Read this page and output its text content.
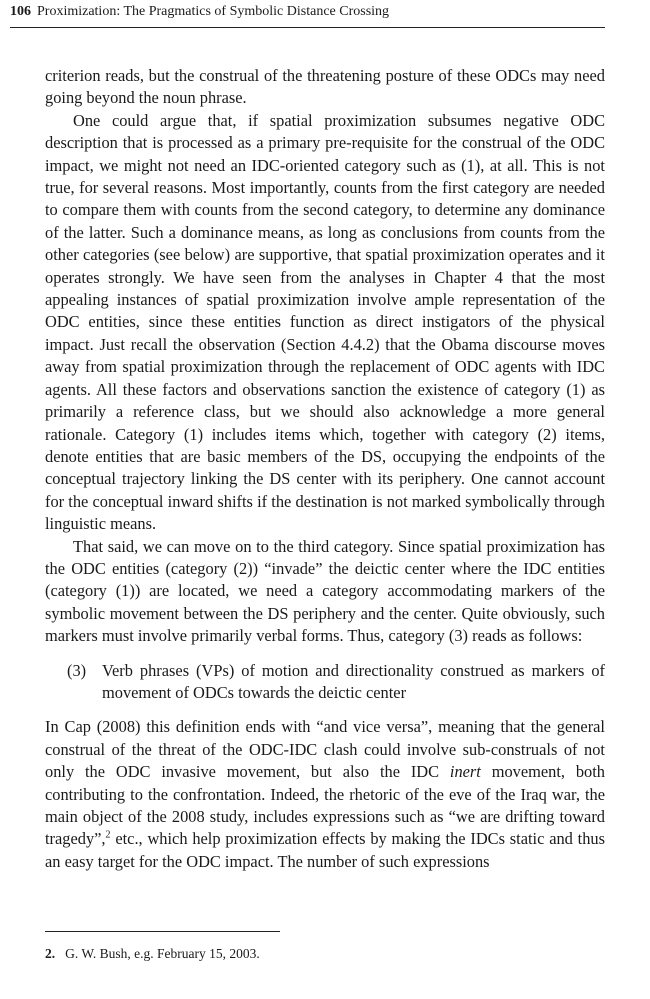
106 Proximization: The Pragmatics of Symbolic Distance Crossing

criterion reads, but the construal of the threatening posture of these ODCs may need going beyond the noun phrase.

One could argue that, if spatial proximization subsumes negative ODC description that is processed as a primary pre-requisite for the construal of the ODC impact, we might not need an IDC-oriented category such as (1), at all. This is not true, for several reasons. Most importantly, counts from the first category are needed to compare them with counts from the second category, to determine any dominance of the latter. Such a dominance means, as long as conclusions from counts from the other categories (see below) are supportive, that spatial proximization operates and it operates strongly. We have seen from the analyses in Chapter 4 that the most appealing instances of spatial proximization involve ample representation of the ODC entities, since these entities function as direct instigators of the physical impact. Just recall the observation (Section 4.4.2) that the Obama discourse moves away from spatial proximization through the replacement of ODC agents with IDC agents. All these factors and observations sanction the existence of category (1) as primarily a reference class, but we should also acknowledge a more general rationale. Category (1) includes items which, together with category (2) items, denote entities that are basic members of the DS, occupying the endpoints of the conceptual trajectory linking the DS center with its periphery. One cannot account for the conceptual inward shifts if the destination is not marked symbolically through linguistic means.

That said, we can move on to the third category. Since spatial proximization has the ODC entities (category (2)) “invade” the deictic center where the IDC entities (category (1)) are located, we need a category accommodating markers of the symbolic movement between the DS periphery and the center. Quite obviously, such markers must involve primarily verbal forms. Thus, category (3) reads as follows:

(3) Verb phrases (VPs) of motion and directionality construed as markers of movement of ODCs towards the deictic center

In Cap (2008) this definition ends with “and vice versa”, meaning that the general construal of the threat of the ODC-IDC clash could involve sub-construals of not only the ODC invasive movement, but also the IDC inert movement, both contributing to the confrontation. Indeed, the rhetoric of the eve of the Iraq war, the main object of the 2008 study, includes expressions such as “we are drifting toward tragedy”,$^2$ etc., which help proximization effects by making the IDCs static and thus an easy target for the ODC impact. The number of such expressions

2. G. W. Bush, e.g. February 15, 2003.
